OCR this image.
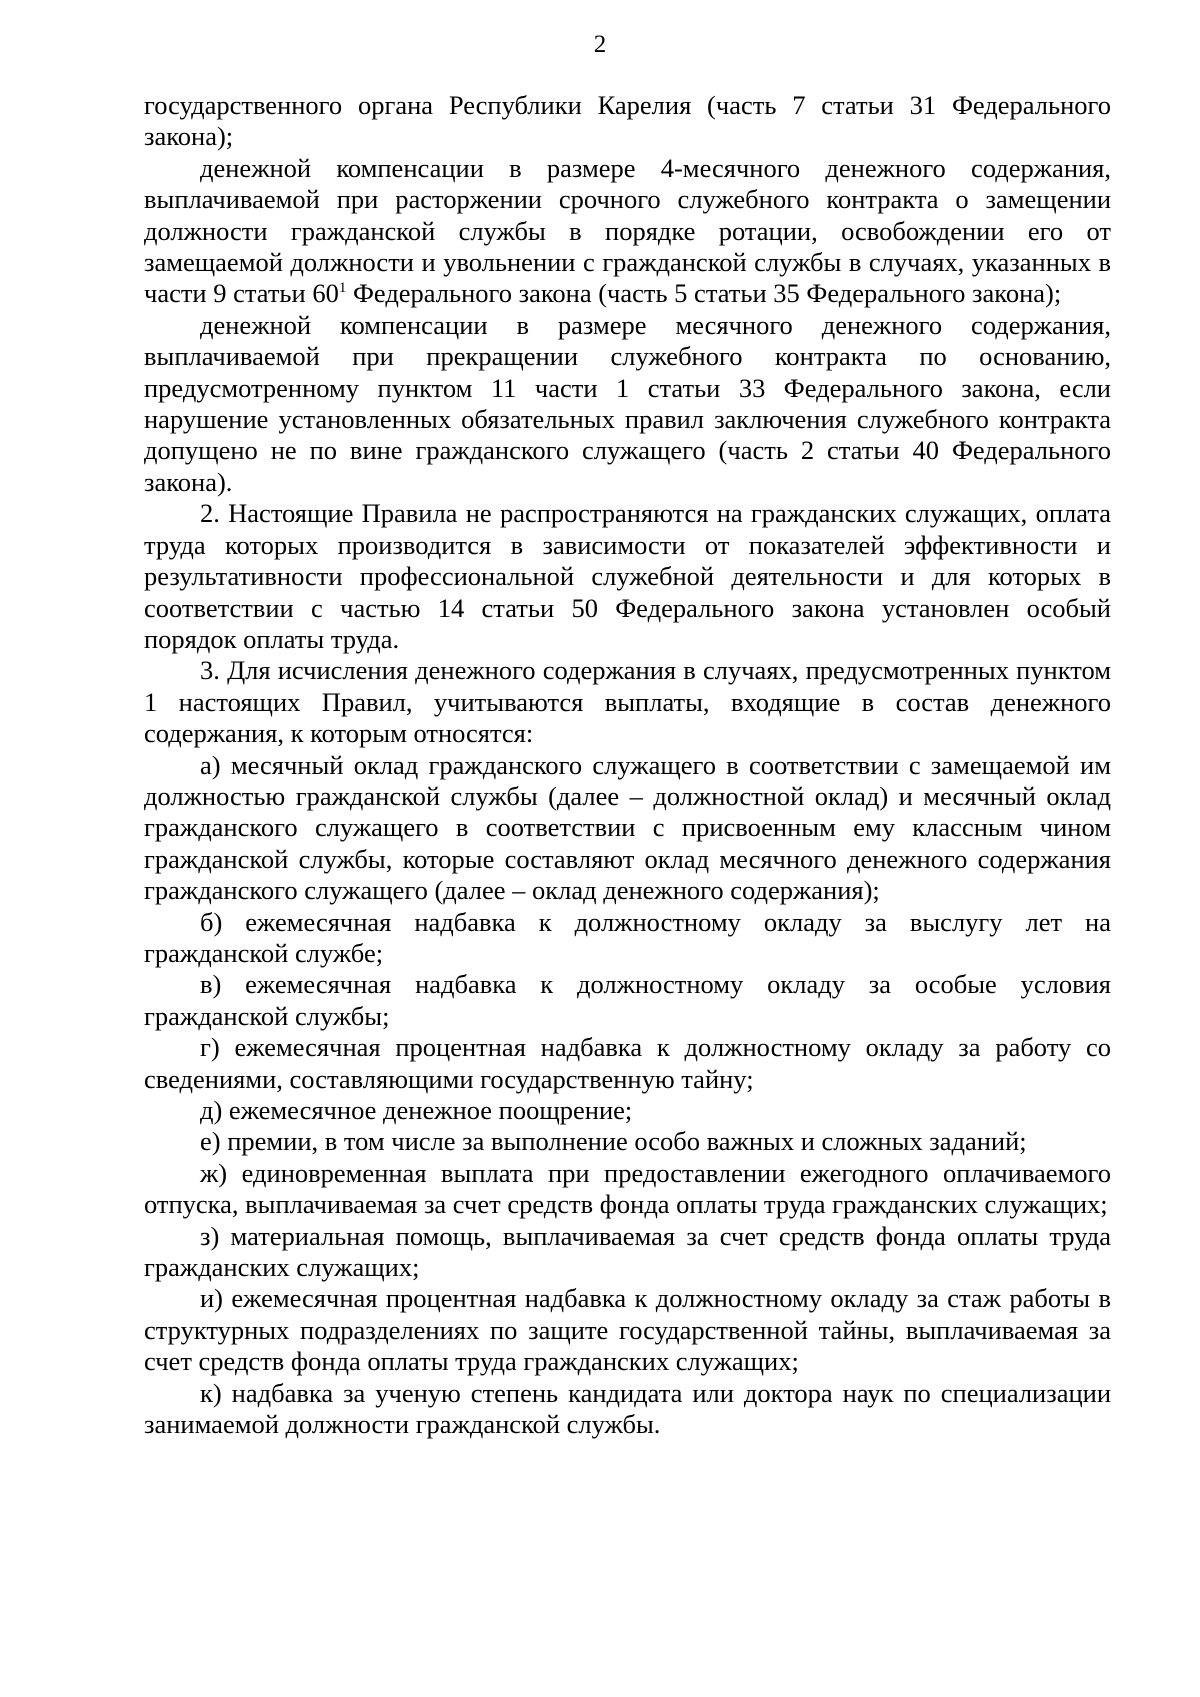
2

государственного органа Республики Карелия (часть 7 статьи 31 Федерального закона);

денежной компенсации в размере 4-месячного денежного содержания, выплачиваемой при расторжении срочного служебного контракта о замещении должности гражданской службы в порядке ротации, освобождении его от замещаемой должности и увольнении с гражданской службы в случаях, указанных в части 9 статьи $60^1$ Федерального закона (часть 5 статьи 35 Федерального закона);

денежной компенсации в размере месячного денежного содержания, выплачиваемой при прекращении служебного контракта по основанию, предусмотренному пунктом 11 части 1 статьи 33 Федерального закона, если нарушение установленных обязательных правил заключения служебного контракта допущено не по вине гражданского служащего (часть 2 статьи 40 Федерального закона).

2. Настоящие Правила не распространяются на гражданских служащих, оплата труда которых производится в зависимости от показателей эффективности и результативности профессиональной служебной деятельности и для которых в соответствии с частью 14 статьи 50 Федерального закона установлен особый порядок оплаты труда.

3. Для исчисления денежного содержания в случаях, предусмотренных пунктом 1 настоящих Правил, учитываются выплаты, входящие в состав денежного содержания, к которым относятся:

а) месячный оклад гражданского служащего в соответствии с замещаемой им должностью гражданской службы (далее – должностной оклад) и месячный оклад гражданского служащего в соответствии с присвоенным ему классным чином гражданской службы, которые составляют оклад месячного денежного содержания гражданского служащего (далее – оклад денежного содержания);

б) ежемесячная надбавка к должностному окладу за выслугу лет на гражданской службе;

в) ежемесячная надбавка к должностному окладу за особые условия гражданской службы;

г) ежемесячная процентная надбавка к должностному окладу за работу со сведениями, составляющими государственную тайну;

д) ежемесячное денежное поощрение;

е) премии, в том числе за выполнение особо важных и сложных заданий;

ж) единовременная выплата при предоставлении ежегодного оплачиваемого отпуска, выплачиваемая за счет средств фонда оплаты труда гражданских служащих;

з) материальная помощь, выплачиваемая за счет средств фонда оплаты труда гражданских служащих;

и) ежемесячная процентная надбавка к должностному окладу за стаж работы в структурных подразделениях по защите государственной тайны, выплачиваемая за счет средств фонда оплаты труда гражданских служащих;

к) надбавка за ученую степень кандидата или доктора наук по специализации занимаемой должности гражданской службы.
